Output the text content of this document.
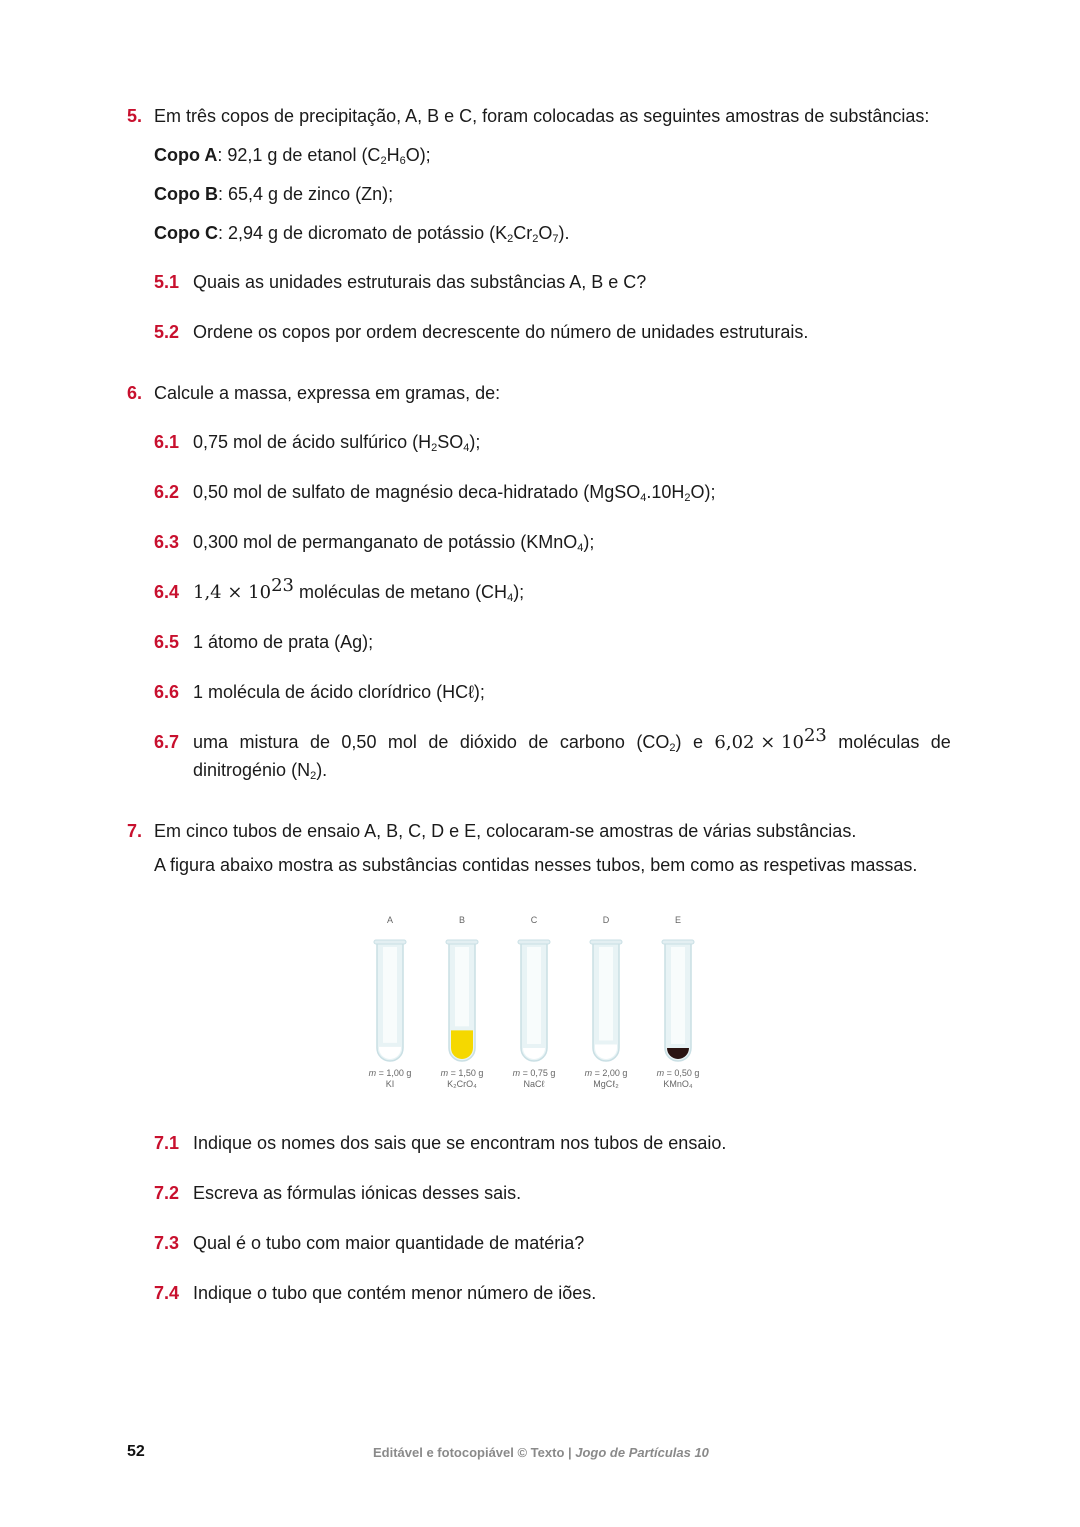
5. Em três copos de precipitação, A, B e C, foram colocadas as seguintes amostras de substâncias:
Copo A: 92,1 g de etanol $(C_2H_6O)$;
Copo B: 65,4 g de zinco (Zn);
Copo C: 2,94 g de dicromato de potássio $(K_2Cr_2O_7)$.
5.1 Quais as unidades estruturais das substâncias A, B e C?
5.2 Ordene os copos por ordem decrescente do número de unidades estruturais.
6. Calcule a massa, expressa em gramas, de:
6.1 0,75 mol de ácido sulfúrico $(H_2SO_4)$;
6.2 0,50 mol de sulfato de magnésio deca-hidratado $(MgSO_4.10H_2O)$;
6.3 0,300 mol de permanganato de potássio (KMnO$_4$);
6.4 $1,4 \times 10^{23}$ moléculas de metano $(CH_4)$;
6.5 1 átomo de prata (Ag);
6.6 1 molécula de ácido clorídrico (HCℓ);
6.7 uma mistura de 0,50 mol de dióxido de carbono $(CO_2)$ e $6,02 \times 10^{23}$ moléculas de
dinitrogénio $(N_2)$.
7. Em cinco tubos de ensaio A, B, C, D e E, colocaram-se amostras de várias substâncias.
A figura abaixo mostra as substâncias contidas nesses tubos, bem como as respetivas massas.
A
m = 1,00 g
KI
B
m = 1,50 g
K₂CrO₄
C
m = 0,75 g
NaCℓ
D
m = 2,00 g
MgCℓ₂
E
m = 0,50 g
KMnO₄
7.1 Indique os nomes dos sais que se encontram nos tubos de ensaio.
7.2 Escreva as fórmulas iónicas desses sais.
7.3 Qual é o tubo com maior quantidade de matéria?
7.4 Indique o tubo que contém menor número de iões.
52	Editável e fotocopiável © Texto | Jogo de Partículas 10
